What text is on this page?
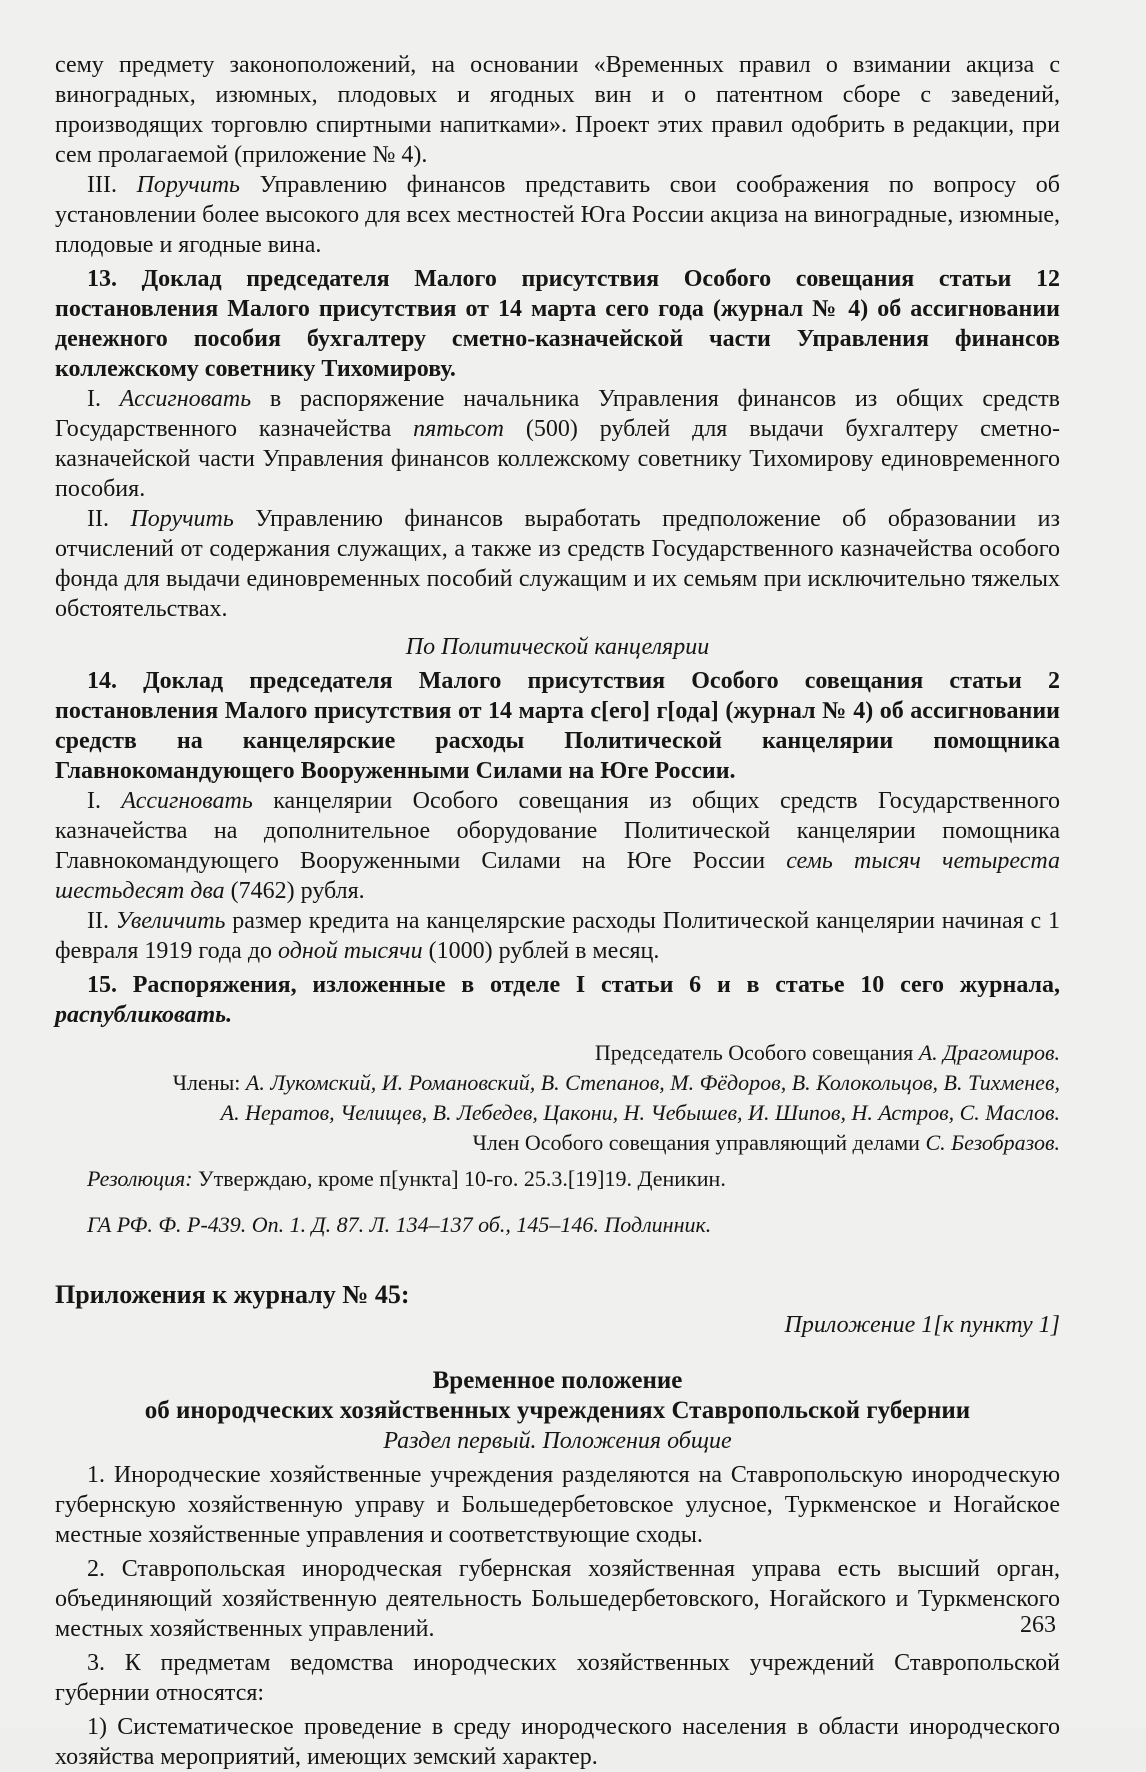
сему предмету законоположений, на основании «Временных правил о взимании акциза с виноградных, изюмных, плодовых и ягодных вин и о патентном сборе с заведений, производящих торговлю спиртными напитками». Проект этих правил одобрить в редакции, при сем пролагаемой (приложение № 4).

III. Поручить Управлению финансов представить свои соображения по вопросу об установлении более высокого для всех местностей Юга России акциза на виноградные, изюмные, плодовые и ягодные вина.

13. Доклад председателя Малого присутствия Особого совещания статьи 12 постановления Малого присутствия от 14 марта сего года (журнал № 4) об ассигновании денежного пособия бухгалтеру сметно-казначейской части Управления финансов коллежскому советнику Тихомирову.

I. Ассигновать в распоряжение начальника Управления финансов из общих средств Государственного казначейства пятьсот (500) рублей для выдачи бухгалтеру сметно-казначейской части Управления финансов коллежскому советнику Тихомирову единовременного пособия.

II. Поручить Управлению финансов выработать предположение об образовании из отчислений от содержания служащих, а также из средств Государственного казначейства особого фонда для выдачи единовременных пособий служащим и их семьям при исключительно тяжелых обстоятельствах.

По Политической канцелярии

14. Доклад председателя Малого присутствия Особого совещания статьи 2 постановления Малого присутствия от 14 марта с[его] г[ода] (журнал № 4) об ассигновании средств на канцелярские расходы Политической канцелярии помощника Главнокомандующего Вооруженными Силами на Юге России.

I. Ассигновать канцелярии Особого совещания из общих средств Государственного казначейства на дополнительное оборудование Политической канцелярии помощника Главнокомандующего Вооруженными Силами на Юге России семь тысяч четыреста шестьдесят два (7462) рубля.

II. Увеличить размер кредита на канцелярские расходы Политической канцелярии начиная с 1 февраля 1919 года до одной тысячи (1000) рублей в месяц.

15. Распоряжения, изложенные в отделе I статьи 6 и в статье 10 сего журнала, распубликовать.

Председатель Особого совещания А. Драгомиров.

Члены: А. Лукомский, И. Романовский, В. Степанов, М. Фёдоров, В. Колокольцов, В. Тихменев,

А. Нератов, Челищев, В. Лебедев, Цакони, Н. Чебышев, И. Шипов, Н. Астров, С. Маслов.

Член Особого совещания управляющий делами С. Безобразов.

Резолюция: Утверждаю, кроме п[ункта] 10-го. 25.3.[19]19. Деникин.

ГА РФ. Ф. Р-439. Оп. 1. Д. 87. Л. 134–137 об., 145–146. Подлинник.

Приложения к журналу № 45:

Приложение 1[к пункту 1]

Временное положение

об инородческих хозяйственных учреждениях Ставропольской губернии

Раздел первый. Положения общие

1. Инородческие хозяйственные учреждения разделяются на Ставропольскую инородческую губернскую хозяйственную управу и Большедербетовское улусное, Туркменское и Ногайское местные хозяйственные управления и соответствующие сходы.

2. Ставропольская инородческая губернская хозяйственная управа есть высший орган, объединяющий хозяйственную деятельность Большедербетовского, Ногайского и Туркменского местных хозяйственных управлений.

3. К предметам ведомства инородческих хозяйственных учреждений Ставропольской губернии относятся:

1) Систематическое проведение в среду инородческого населения в области инородческого хозяйства мероприятий, имеющих земский характер.

263
